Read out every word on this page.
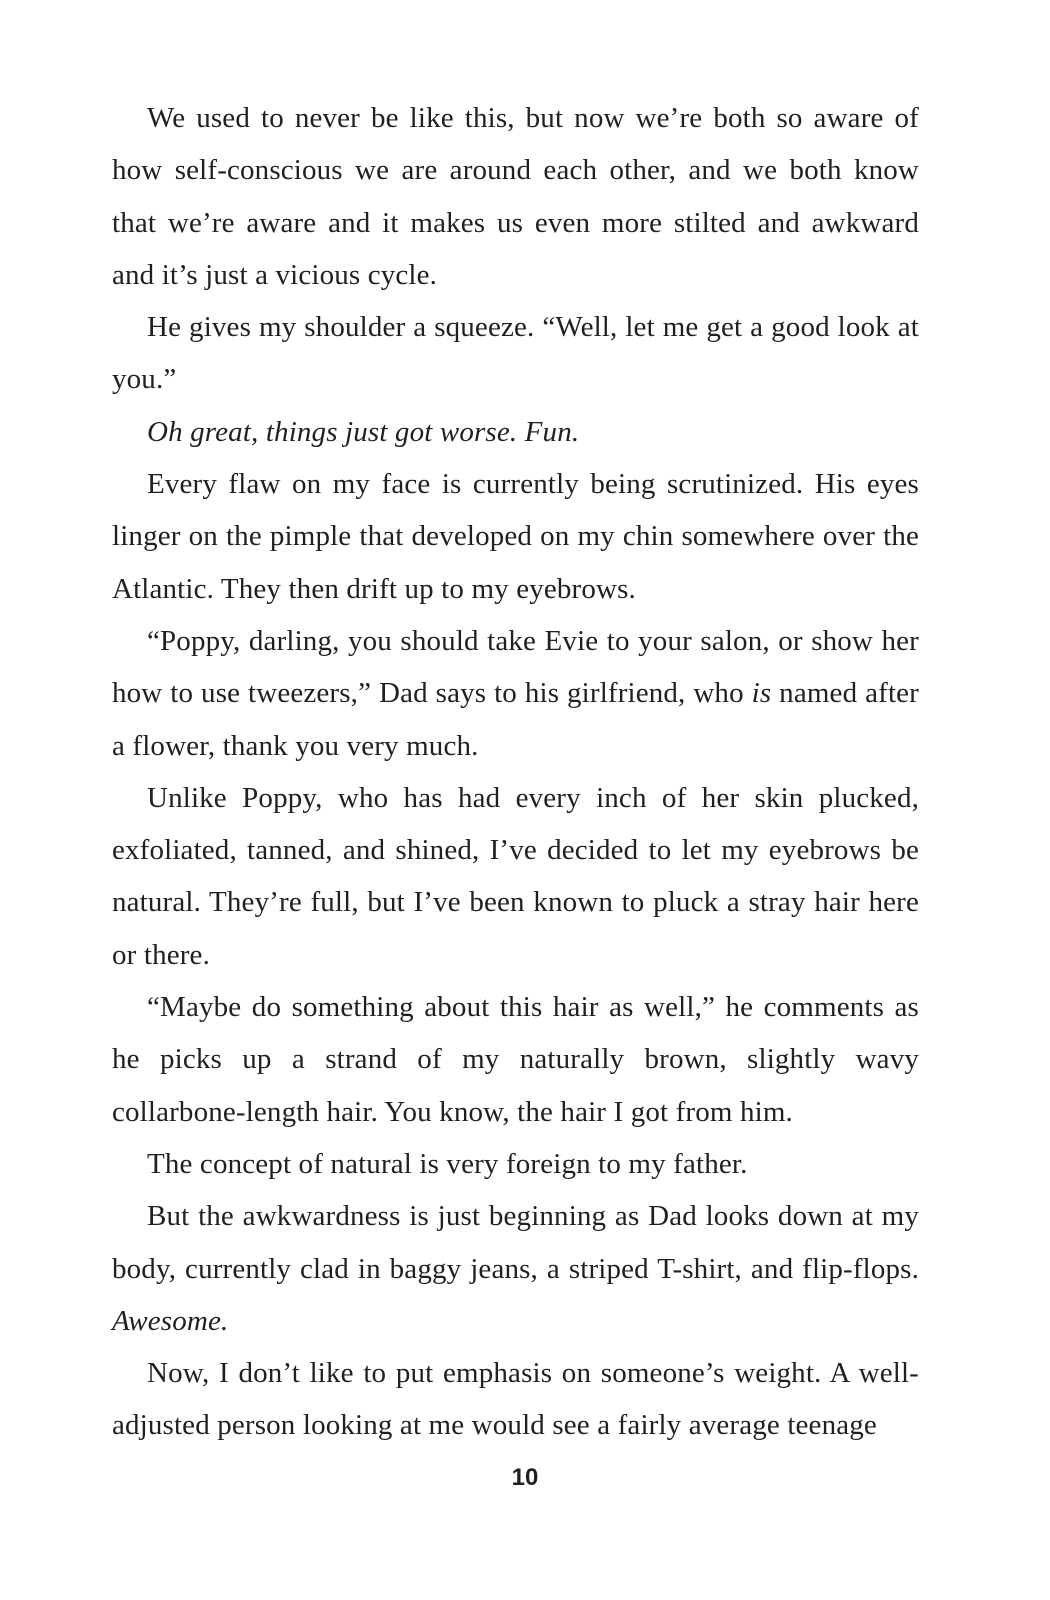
We used to never be like this, but now we’re both so aware of how self-conscious we are around each other, and we both know that we’re aware and it makes us even more stilted and awkward and it’s just a vicious cycle.

He gives my shoulder a squeeze. “Well, let me get a good look at you.”

Oh great, things just got worse. Fun.

Every flaw on my face is currently being scrutinized. His eyes linger on the pimple that developed on my chin somewhere over the Atlantic. They then drift up to my eyebrows.

“Poppy, darling, you should take Evie to your salon, or show her how to use tweezers,” Dad says to his girlfriend, who is named after a flower, thank you very much.

Unlike Poppy, who has had every inch of her skin plucked, exfoliated, tanned, and shined, I’ve decided to let my eyebrows be natural. They’re full, but I’ve been known to pluck a stray hair here or there.

“Maybe do something about this hair as well,” he comments as he picks up a strand of my naturally brown, slightly wavy collarbone-length hair. You know, the hair I got from him.

The concept of natural is very foreign to my father.

But the awkwardness is just beginning as Dad looks down at my body, currently clad in baggy jeans, a striped T-shirt, and flip-flops. Awesome.

Now, I don’t like to put emphasis on someone’s weight. A well-adjusted person looking at me would see a fairly average teenage

10
